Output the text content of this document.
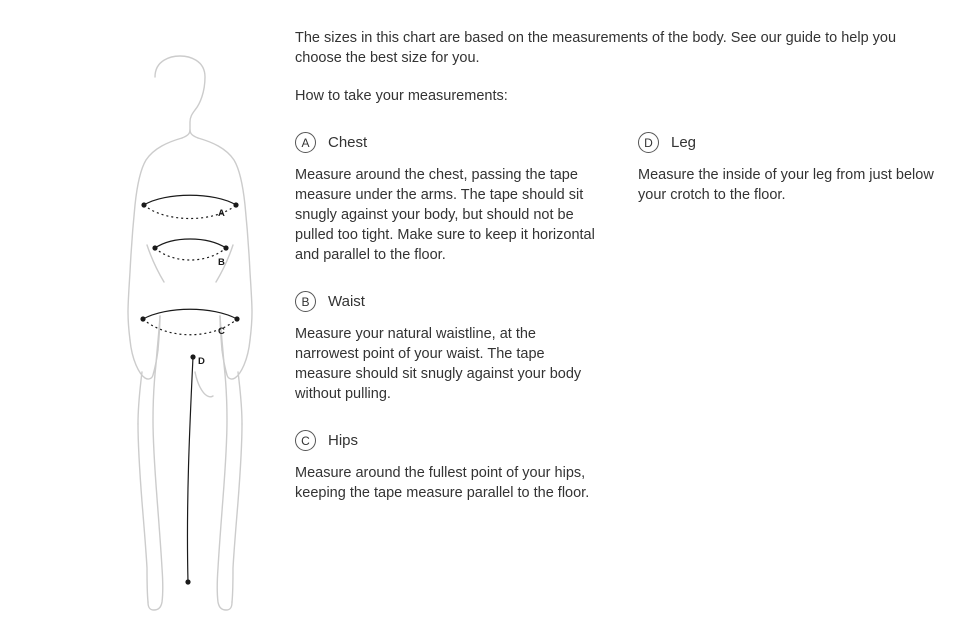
A
B
C
D

The sizes in this chart are based on the measurements of the body. See our guide to help you choose the best size for you.

How to take your measurements:

A	Chest

Measure around the chest, passing the tape measure under the arms. The tape should sit snugly against your body, but should not be pulled too tight. Make sure to keep it horizontal and parallel to the floor.

B	Waist

Measure your natural waistline, at the narrowest point of your waist. The tape measure should sit snugly against your body without pulling.

C	Hips

Measure around the fullest point of your hips, keeping the tape measure parallel to the floor.

D	Leg

Measure the inside of your leg from just below your crotch to the floor.
